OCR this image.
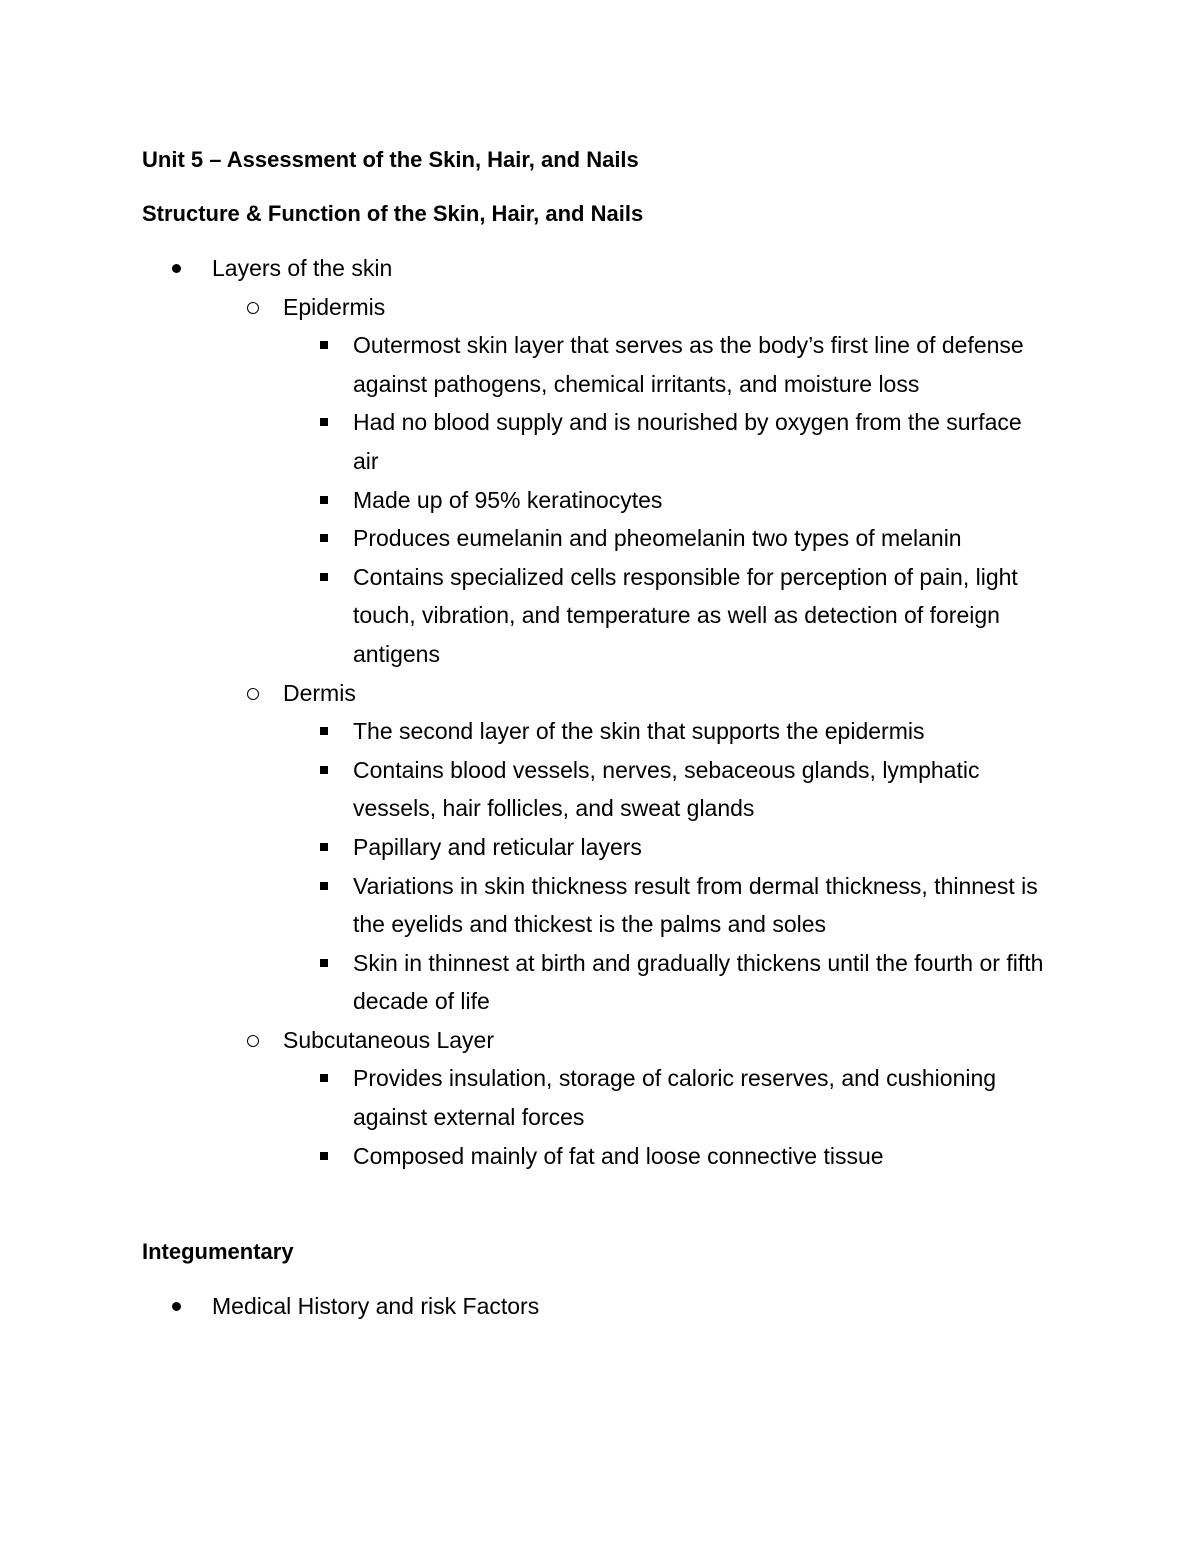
Unit 5 – Assessment of the Skin, Hair, and Nails
Structure & Function of the Skin, Hair, and Nails
Layers of the skin
Epidermis
Outermost skin layer that serves as the body’s first line of defense against pathogens, chemical irritants, and moisture loss
Had no blood supply and is nourished by oxygen from the surface air
Made up of 95% keratinocytes
Produces eumelanin and pheomelanin two types of melanin
Contains specialized cells responsible for perception of pain, light touch, vibration, and temperature as well as detection of foreign antigens
Dermis
The second layer of the skin that supports the epidermis
Contains blood vessels, nerves, sebaceous glands, lymphatic vessels, hair follicles, and sweat glands
Papillary and reticular layers
Variations in skin thickness result from dermal thickness, thinnest is the eyelids and thickest is the palms and soles
Skin in thinnest at birth and gradually thickens until the fourth or fifth decade of life
Subcutaneous Layer
Provides insulation, storage of caloric reserves, and cushioning against external forces
Composed mainly of fat and loose connective tissue
Integumentary
Medical History and risk Factors
